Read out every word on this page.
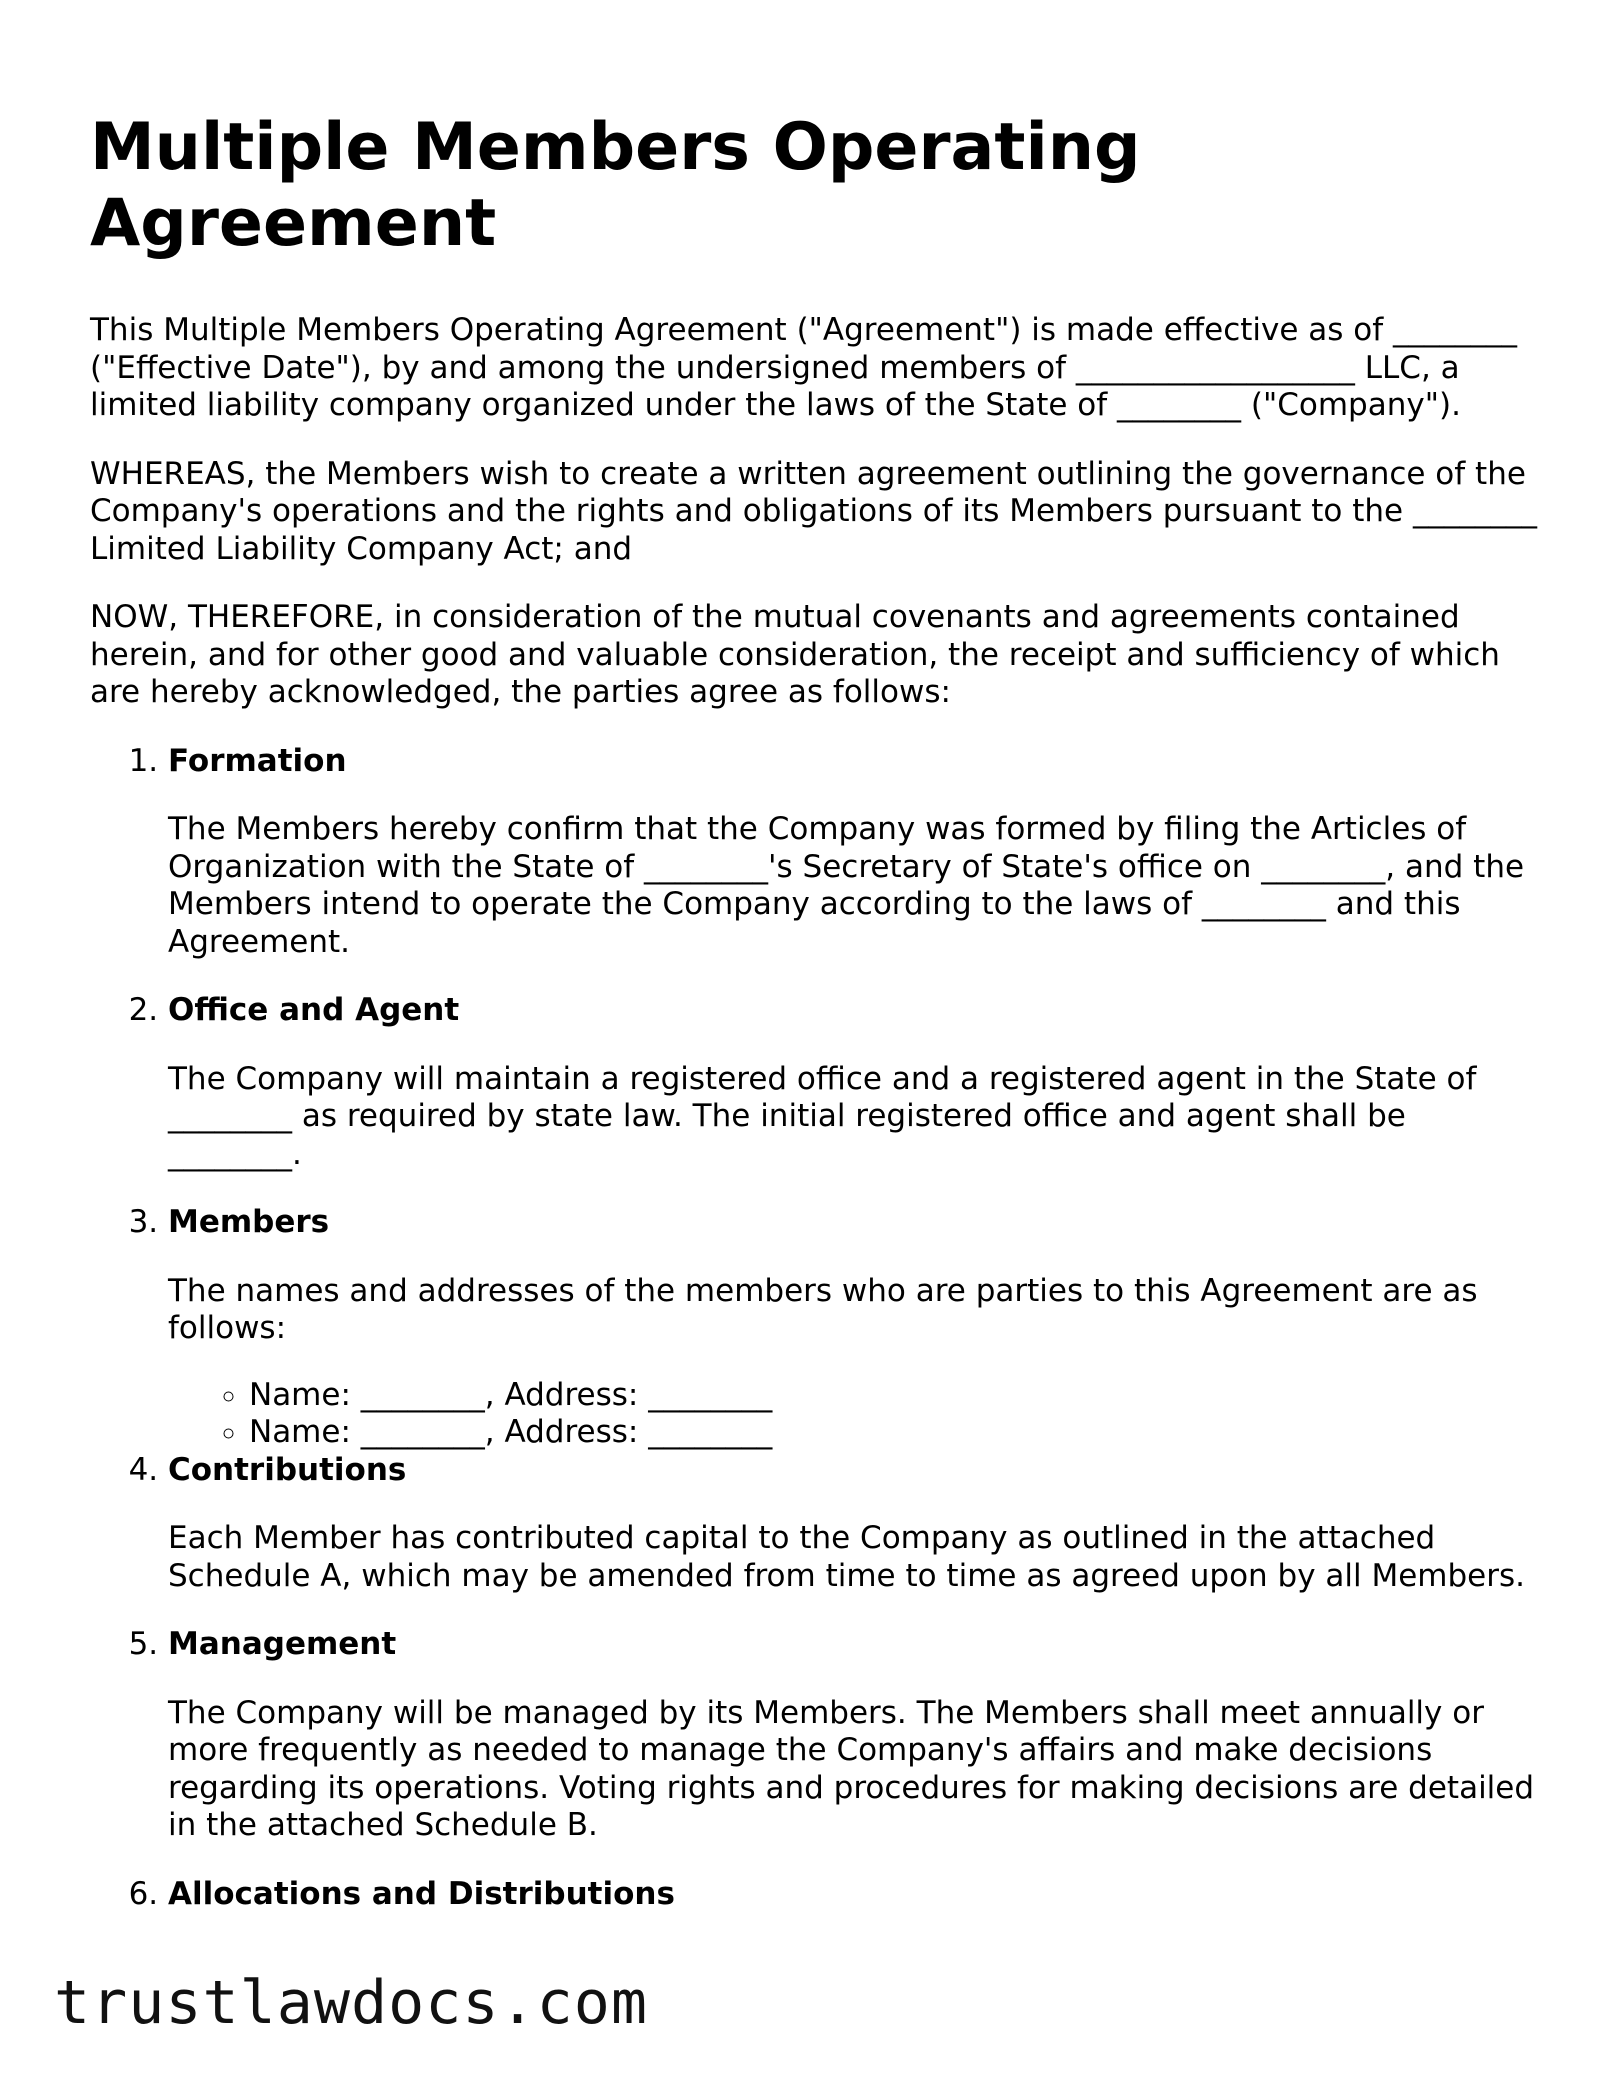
Multiple Members Operating Agreement

This Multiple Members Operating Agreement ("Agreement") is made effective as of ________ ("Effective Date"), by and among the undersigned members of __________________ LLC, a limited liability company organized under the laws of the State of ________ ("Company").

WHEREAS, the Members wish to create a written agreement outlining the governance of the Company's operations and the rights and obligations of its Members pursuant to the ________ Limited Liability Company Act; and

NOW, THEREFORE, in consideration of the mutual covenants and agreements contained herein, and for other good and valuable consideration, the receipt and sufficiency of which are hereby acknowledged, the parties agree as follows:

1. Formation
The Members hereby confirm that the Company was formed by filing the Articles of Organization with the State of ________'s Secretary of State's office on ________, and the Members intend to operate the Company according to the laws of ________ and this Agreement.
2. Office and Agent
The Company will maintain a registered office and a registered agent in the State of ________ as required by state law. The initial registered office and agent shall be ________.
3. Members
The names and addresses of the members who are parties to this Agreement are as follows:
◦ Name: ________, Address: ________
◦ Name: ________, Address: ________
4. Contributions
Each Member has contributed capital to the Company as outlined in the attached Schedule A, which may be amended from time to time as agreed upon by all Members.
5. Management
The Company will be managed by its Members. The Members shall meet annually or more frequently as needed to manage the Company's affairs and make decisions regarding its operations. Voting rights and procedures for making decisions are detailed in the attached Schedule B.
6. Allocations and Distributions
trustlawdocs.com
